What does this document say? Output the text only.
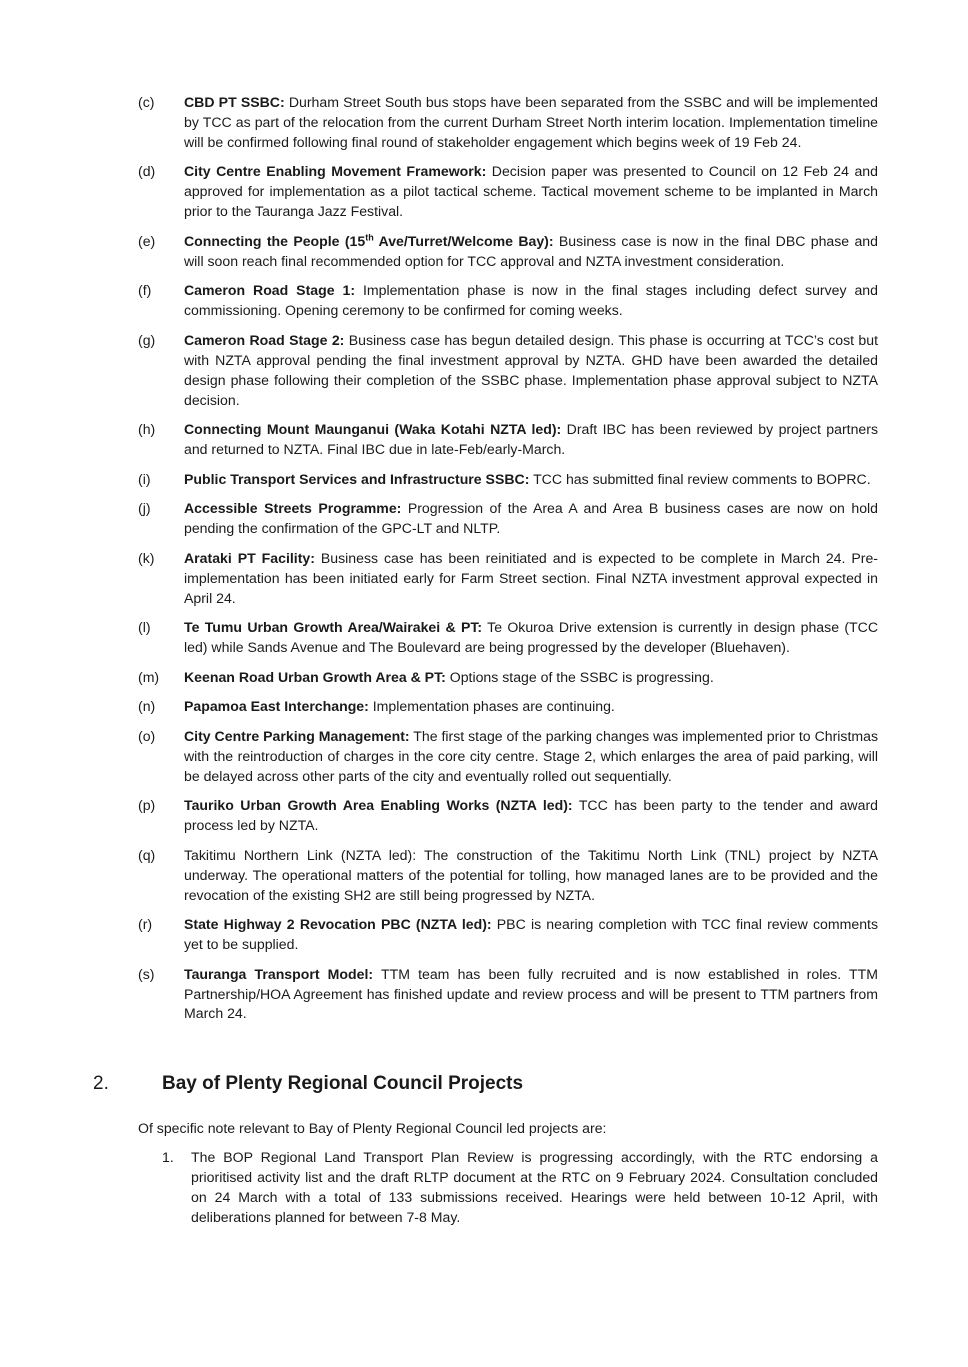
(c)	CBD PT SSBC: Durham Street South bus stops have been separated from the SSBC and will be implemented by TCC as part of the relocation from the current Durham Street North interim location. Implementation timeline will be confirmed following final round of stakeholder engagement which begins week of 19 Feb 24.
(d)	City Centre Enabling Movement Framework: Decision paper was presented to Council on 12 Feb 24 and approved for implementation as a pilot tactical scheme. Tactical movement scheme to be implanted in March prior to the Tauranga Jazz Festival.
(e)	Connecting the People (15th Ave/Turret/Welcome Bay): Business case is now in the final DBC phase and will soon reach final recommended option for TCC approval and NZTA investment consideration.
(f)	Cameron Road Stage 1: Implementation phase is now in the final stages including defect survey and commissioning. Opening ceremony to be confirmed for coming weeks.
(g)	Cameron Road Stage 2: Business case has begun detailed design. This phase is occurring at TCC’s cost but with NZTA approval pending the final investment approval by NZTA. GHD have been awarded the detailed design phase following their completion of the SSBC phase. Implementation phase approval subject to NZTA decision.
(h)	Connecting Mount Maunganui (Waka Kotahi NZTA led): Draft IBC has been reviewed by project partners and returned to NZTA. Final IBC due in late-Feb/early-March.
(i)	Public Transport Services and Infrastructure SSBC: TCC has submitted final review comments to BOPRC.
(j)	Accessible Streets Programme: Progression of the Area A and Area B business cases are now on hold pending the confirmation of the GPC-LT and NLTP.
(k)	Arataki PT Facility: Business case has been reinitiated and is expected to be complete in March 24. Pre-implementation has been initiated early for Farm Street section. Final NZTA investment approval expected in April 24.
(l)	Te Tumu Urban Growth Area/Wairakei & PT: Te Okuroa Drive extension is currently in design phase (TCC led) while Sands Avenue and The Boulevard are being progressed by the developer (Bluehaven).
(m)	Keenan Road Urban Growth Area & PT: Options stage of the SSBC is progressing.
(n)	Papamoa East Interchange: Implementation phases are continuing.
(o)	City Centre Parking Management: The first stage of the parking changes was implemented prior to Christmas with the reintroduction of charges in the core city centre. Stage 2, which enlarges the area of paid parking, will be delayed across other parts of the city and eventually rolled out sequentially.
(p)	Tauriko Urban Growth Area Enabling Works (NZTA led): TCC has been party to the tender and award process led by NZTA.
(q)	Takitimu Northern Link (NZTA led): The construction of the Takitimu North Link (TNL) project by NZTA underway. The operational matters of the potential for tolling, how managed lanes are to be provided and the revocation of the existing SH2 are still being progressed by NZTA.
(r)	State Highway 2 Revocation PBC (NZTA led): PBC is nearing completion with TCC final review comments yet to be supplied.
(s)	Tauranga Transport Model: TTM team has been fully recruited and is now established in roles. TTM Partnership/HOA Agreement has finished update and review process and will be present to TTM partners from March 24.
2.	Bay of Plenty Regional Council Projects
Of specific note relevant to Bay of Plenty Regional Council led projects are:
1.	The BOP Regional Land Transport Plan Review is progressing accordingly, with the RTC endorsing a prioritised activity list and the draft RLTP document at the RTC on 9 February 2024. Consultation concluded on 24 March with a total of 133 submissions received. Hearings were held between 10-12 April, with deliberations planned for between 7-8 May.
